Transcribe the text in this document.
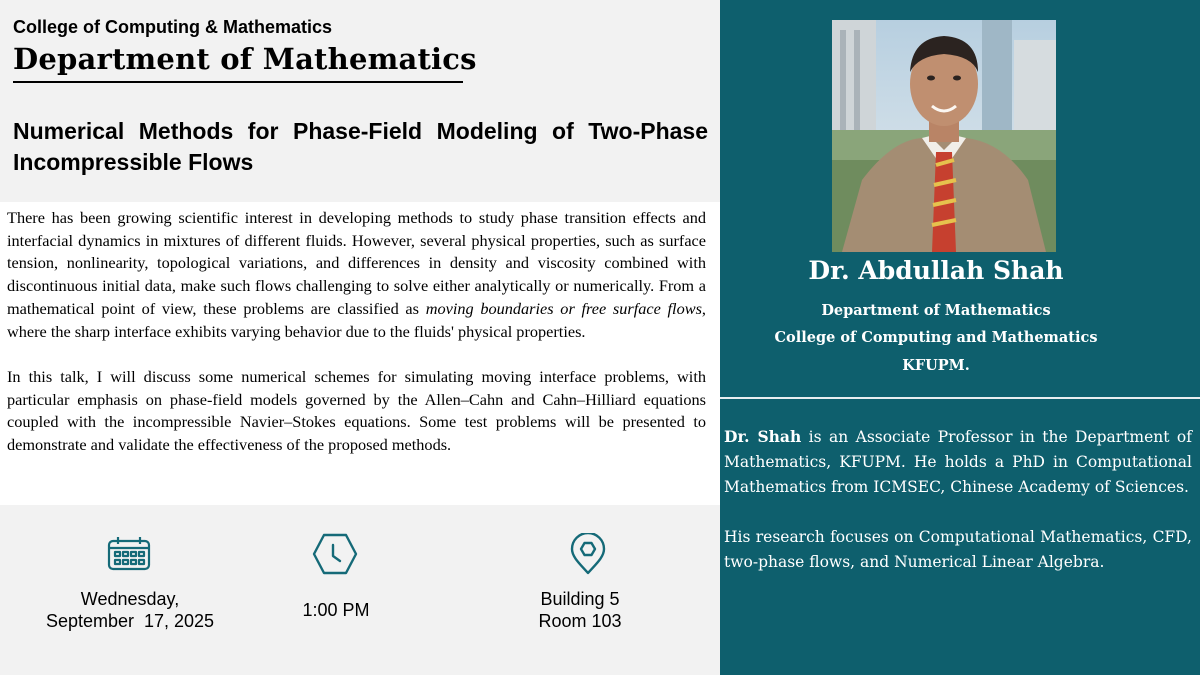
College of Computing & Mathematics
Department of Mathematics
Numerical Methods for Phase-Field Modeling of Two-Phase Incompressible Flows

There has been growing scientific interest in developing methods to study phase transition effects and interfacial dynamics in mixtures of different fluids. However, several physical properties, such as surface tension, nonlinearity, topological variations, and differences in density and viscosity combined with discontinuous initial data, make such flows challenging to solve either analytically or numerically. From a mathematical point of view, these problems are classified as moving boundaries or free surface flows, where the sharp interface exhibits varying behavior due to the fluids' physical properties.

In this talk, I will discuss some numerical schemes for simulating moving interface problems, with particular emphasis on phase-field models governed by the Allen–Cahn and Cahn–Hilliard equations coupled with the incompressible Navier–Stokes equations. Some test problems will be presented to demonstrate and validate the effectiveness of the proposed methods.

Wednesday,
September  17, 2025
1:00 PM
Building 5
Room 103
Dr. Abdullah Shah
Department of Mathematics
College of Computing and Mathematics
KFUPM.

Dr. Shah is an Associate Professor in the Department of Mathematics, KFUPM. He holds a PhD in Computational Mathematics from ICMSEC, Chinese Academy of Sciences.

His research focuses on Computational Mathematics, CFD, two-phase flows, and Numerical Linear Algebra.
